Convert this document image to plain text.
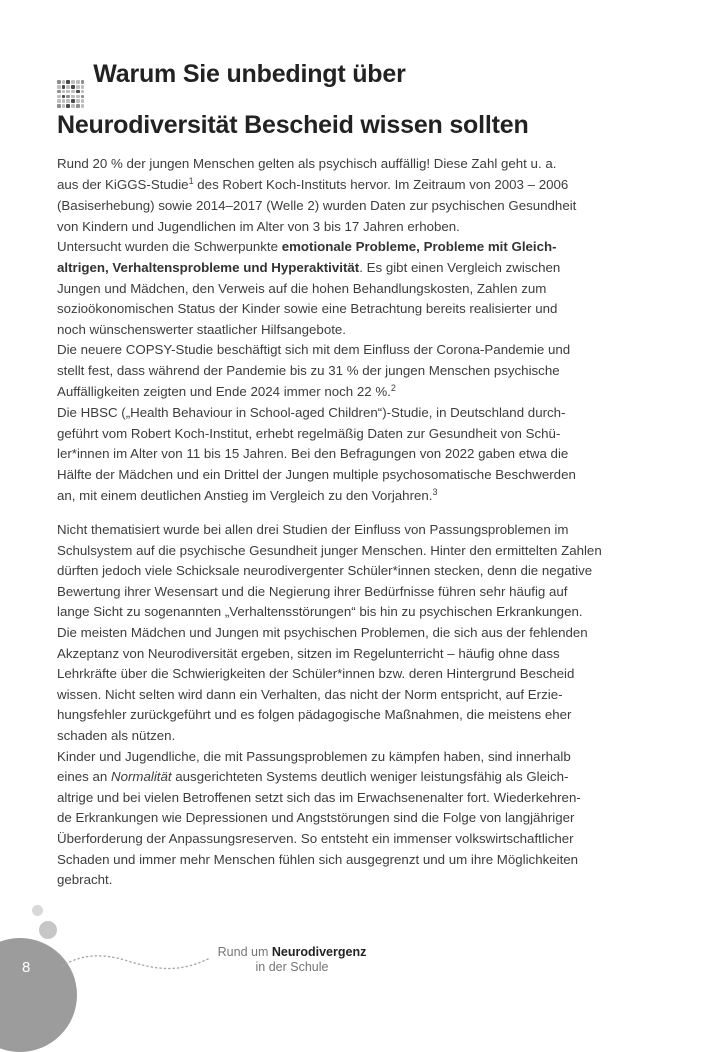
Warum Sie unbedingt über
Neurodiversität Bescheid wissen sollten
Rund 20 % der jungen Menschen gelten als psychisch auffällig! Diese Zahl geht u. a.
aus der KiGGS-Studie$^1$ des Robert Koch-Instituts hervor. Im Zeitraum von 2003 – 2006
(Basiserhebung) sowie 2014–2017 (Welle 2) wurden Daten zur psychischen Gesundheit
von Kindern und Jugendlichen im Alter von 3 bis 17 Jahren erhoben.
Untersucht wurden die Schwerpunkte emotionale Probleme, Probleme mit Gleich-
altrigen, Verhaltensprobleme und Hyperaktivität. Es gibt einen Vergleich zwischen
Jungen und Mädchen, den Verweis auf die hohen Behandlungskosten, Zahlen zum
sozioökonomischen Status der Kinder sowie eine Betrachtung bereits realisierter und
noch wünschenswerter staatlicher Hilfsangebote.
Die neuere COPSY-Studie beschäftigt sich mit dem Einfluss der Corona-Pandemie und
stellt fest, dass während der Pandemie bis zu 31 % der jungen Menschen psychische
Auffälligkeiten zeigten und Ende 2024 immer noch 22 %.$^2$
Die HBSC („Health Behaviour in School-aged Children“)-Studie, in Deutschland durch-
geführt vom Robert Koch-Institut, erhebt regelmäßig Daten zur Gesundheit von Schü-
ler*innen im Alter von 11 bis 15 Jahren. Bei den Befragungen von 2022 gaben etwa die
Hälfte der Mädchen und ein Drittel der Jungen multiple psychosomatische Beschwerden
an, mit einem deutlichen Anstieg im Vergleich zu den Vorjahren.$^3$
Nicht thematisiert wurde bei allen drei Studien der Einfluss von Passungsproblemen im
Schulsystem auf die psychische Gesundheit junger Menschen. Hinter den ermittelten Zahlen
dürften jedoch viele Schicksale neurodivergenter Schüler*innen stecken, denn die negative
Bewertung ihrer Wesensart und die Negierung ihrer Bedürfnisse führen sehr häufig auf
lange Sicht zu sogenannten „Verhaltensstörungen“ bis hin zu psychischen Erkrankungen.
Die meisten Mädchen und Jungen mit psychischen Problemen, die sich aus der fehlenden
Akzeptanz von Neurodiversität ergeben, sitzen im Regelunterricht – häufig ohne dass
Lehrkräfte über die Schwierigkeiten der Schüler*innen bzw. deren Hintergrund Bescheid
wissen. Nicht selten wird dann ein Verhalten, das nicht der Norm entspricht, auf Erzie-
hungsfehler zurückgeführt und es folgen pädagogische Maßnahmen, die meistens eher
schaden als nützen.
Kinder und Jugendliche, die mit Passungsproblemen zu kämpfen haben, sind innerhalb
eines an Normalität ausgerichteten Systems deutlich weniger leistungsfähig als Gleich-
altrige und bei vielen Betroffenen setzt sich das im Erwachsenenalter fort. Wiederkehren-
de Erkrankungen wie Depressionen und Angststörungen sind die Folge von langjähriger
Überforderung der Anpassungsreserven. So entsteht ein immenser volkswirtschaftlicher
Schaden und immer mehr Menschen fühlen sich ausgegrenzt und um ihre Möglichkeiten
gebracht.
8
Rund um Neurodivergenz
in der Schule
